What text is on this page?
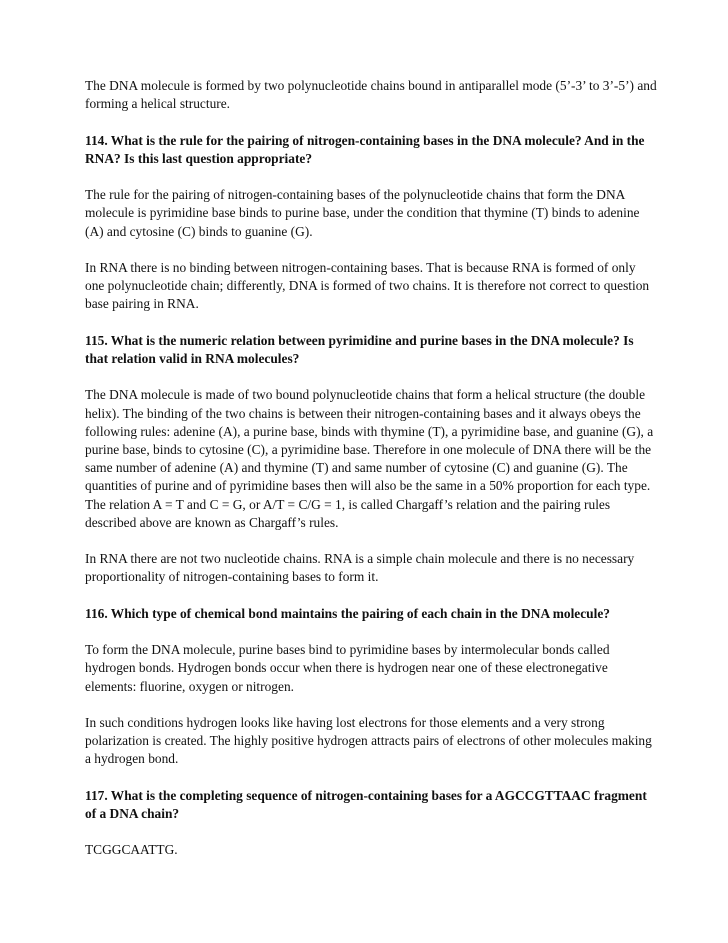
The DNA molecule is formed by two polynucleotide chains bound in antiparallel mode (5’-3’ to 3’-5’) and forming a helical structure.

114. What is the rule for the pairing of nitrogen-containing bases in the DNA molecule? And in the RNA? Is this last question appropriate?

The rule for the pairing of nitrogen-containing bases of the polynucleotide chains that form the DNA molecule is pyrimidine base binds to purine base, under the condition that thymine (T) binds to adenine (A) and cytosine (C) binds to guanine (G).

In RNA there is no binding between nitrogen-containing bases. That is because RNA is formed of only one polynucleotide chain; differently, DNA is formed of two chains. It is therefore not correct to question base pairing in RNA.

115. What is the numeric relation between pyrimidine and purine bases in the DNA molecule? Is that relation valid in RNA molecules?

The DNA molecule is made of two bound polynucleotide chains that form a helical structure (the double helix). The binding of the two chains is between their nitrogen-containing bases and it always obeys the following rules: adenine (A), a purine base, binds with thymine (T), a pyrimidine base, and guanine (G), a purine base, binds to cytosine (C), a pyrimidine base. Therefore in one molecule of DNA there will be the same number of adenine (A) and thymine (T) and same number of cytosine (C) and guanine (G). The quantities of purine and of pyrimidine bases then will also be the same in a 50% proportion for each type. The relation A = T and C = G, or A/T = C/G = 1, is called Chargaff’s relation and the pairing rules described above are known as Chargaff’s rules.

In RNA there are not two nucleotide chains. RNA is a simple chain molecule and there is no necessary proportionality of nitrogen-containing bases to form it.

116. Which type of chemical bond maintains the pairing of each chain in the DNA molecule?

To form the DNA molecule, purine bases bind to pyrimidine bases by intermolecular bonds called hydrogen bonds. Hydrogen bonds occur when there is hydrogen near one of these electronegative elements: fluorine, oxygen or nitrogen.

In such conditions hydrogen looks like having lost electrons for those elements and a very strong polarization is created. The highly positive hydrogen attracts pairs of electrons of other molecules making a hydrogen bond.

117. What is the completing sequence of nitrogen-containing bases for a AGCCGTTAAC fragment of a DNA chain?

TCGGCAATTG.
